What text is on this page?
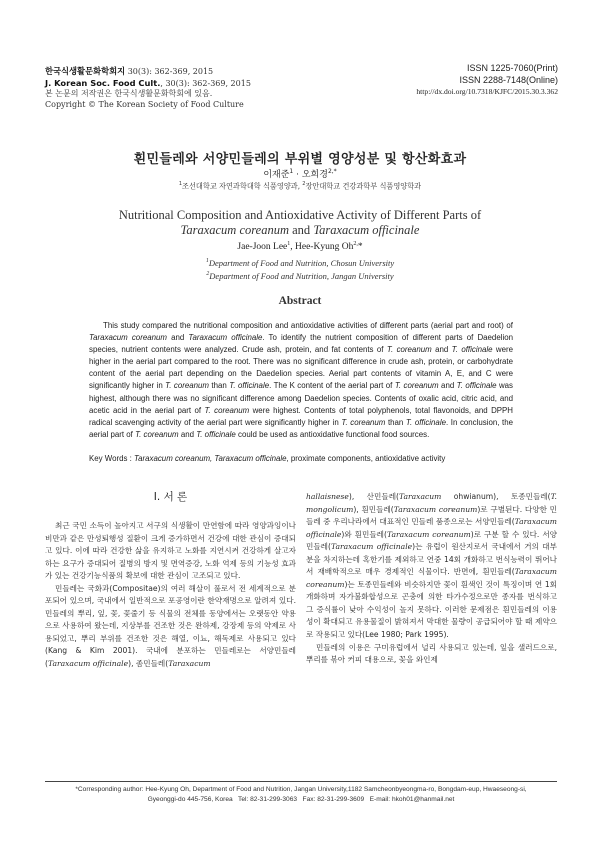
한국식생활문화학회지 30(3): 362-369, 2015
J. Korean Soc. Food Cult., 30(3): 362-369, 2015
본 논문의 저작권은 한국식생활문화학회에 있음.
Copyright © The Korean Society of Food Culture
ISSN 1225-7060(Print)
ISSN 2288-7148(Online)
http://dx.doi.org/10.7318/KJFC/2015.30.3.362
흰민들레와 서양민들레의 부위별 영양성분 및 항산화효과
이재준$^1$ · 오희경$^{2,*}$
$^1$조선대학교 자연과학대학 식품영양과, $^2$장안대학교 건강과학부 식품영양학과
Nutritional Composition and Antioxidative Activity of Different Parts of
Taraxacum coreanum and Taraxacum officinale
Jae-Joon Lee$^1$, Hee-Kyung $Oh^{2,}*$
$^1$Department of Food and Nutrition, Chosun University
$^2$Department of Food and Nutrition, Jangan University
Abstract

This study compared the nutritional composition and antioxidative activities of different parts (aerial part and root) of Taraxacum coreanum and Taraxacum officinale. To identify the nutrient composition of different parts of Daedelion species, nutrient contents were analyzed. Crude ash, protein, and fat contents of T. coreanum and T. officinale were higher in the aerial part compared to the root. There was no significant difference in crude ash, protein, or carbohydrate content of the aerial part depending on the Daedelion species. Aerial part contents of vitamin A, E, and C were significantly higher in T. coreanum than T. officinale. The K content of the aerial part of T. coreanum and T. officinale was highest, although there was no significant difference among Daedelion species. Contents of oxalic acid, citric acid, and acetic acid in the aerial part of T. coreanum were highest. Contents of total polyphenols, total flavonoids, and DPPH radical scavenging activity of the aerial part were significantly higher in T. coreanum than T. officinale. In conclusion, the aerial part of T. coreanum and T. officinale could be used as antioxidative functional food sources.

Key Words : Taraxacum coreanum, Taraxacum officinale, proximate components, antioxidative activity
Ⅰ. 서 론

최근 국민 소득이 높아지고 서구의 식생활이 만연함에 따라 영양과잉이나 비만과 같은 만성퇴행성 질환이 크게 증가하면서 건강에 대한 관심이 증대되고 있다. 이에 따라 건강한 삶을 유지하고 노화를 지연시켜 건강하게 살고자 하는 요구가 증대되어 질병의 방지 및 면역증강, 노화 억제 등의 기능성 효과가 있는 건강기능식품의 확보에 대한 관심이 고조되고 있다.

민들레는 국화과(Compositae)의 여러 해살이 풀로서 전 세계적으로 분포되어 있으며, 국내에서 일반적으로 포공영이란 한약재명으로 알려져 있다. 민들레의 뿌리, 잎, 꽃, 꽃줄기 등 식물의 전체를 동양에서는 오랫동안 약용으로 사용하여 왔는데, 지상부를 건조한 것은 완하제, 강장제 등의 약제로 사용되었고, 뿌리 부위를 건조한 것은 해열, 이뇨, 해독제로 사용되고 있다(Kang & Kim 2001). 국내에 분포하는 민들레로는 서양민들레(Taraxacum officinale), 좀민들레(Taraxacum

hallaisnese), 산민들레(Taraxacum ohwianum), 토종민들레(T. mongolicum), 흰민들레(Taraxacum coreanum)로 구별된다. 다양한 민들레 중 우리나라에서 대표적인 민들레 품종으로는 서양민들레(Taraxacum officinale)와 흰민들레(Taraxacum coreanum)로 구분 할 수 있다. 서양민들레(Taraxacum officinale)는 유럽이 원산지로서 국내에서 거의 대부분을 차지하는데 혹한기를 제외하고 연중 14회 개화하고 번식능력이 뛰어나서 재배학적으로 매우 경제적인 식물이다. 반면에, 흰민들레(Taraxacum coreanum)는 토종민들레와 비슷하지만 꽃이 흰색인 것이 특징이며 연 1회 개화하며 자가불화합성으로 곤충에 의한 타가수정으로만 종자를 번식하고 그 증식률이 낮아 수익성이 높지 못하다. 이러한 문제점은 흰민들레의 이용성이 확대되고 유용물질이 밝혀져서 막대한 물량이 공급되어야 할 때 제약으로 작용되고 있다(Lee 1980; Park 1995).

민들레의 이용은 구미유럽에서 널리 사용되고 있는데, 잎을 샐러드으로, 뿌리를 볶아 커피 대용으로, 꽃을 와인제

*Corresponding author: Hee-Kyung Oh, Department of Food and Nutrition, Jangan University,1182 Samcheonbyeongma-ro, Bongdam-eup, Hwaeseong-si,
Gyeonggi-do 445-756, Korea   Tel: 82-31-299-3063   Fax: 82-31-299-3609   E-mail: hkoh01@hanmail.net
